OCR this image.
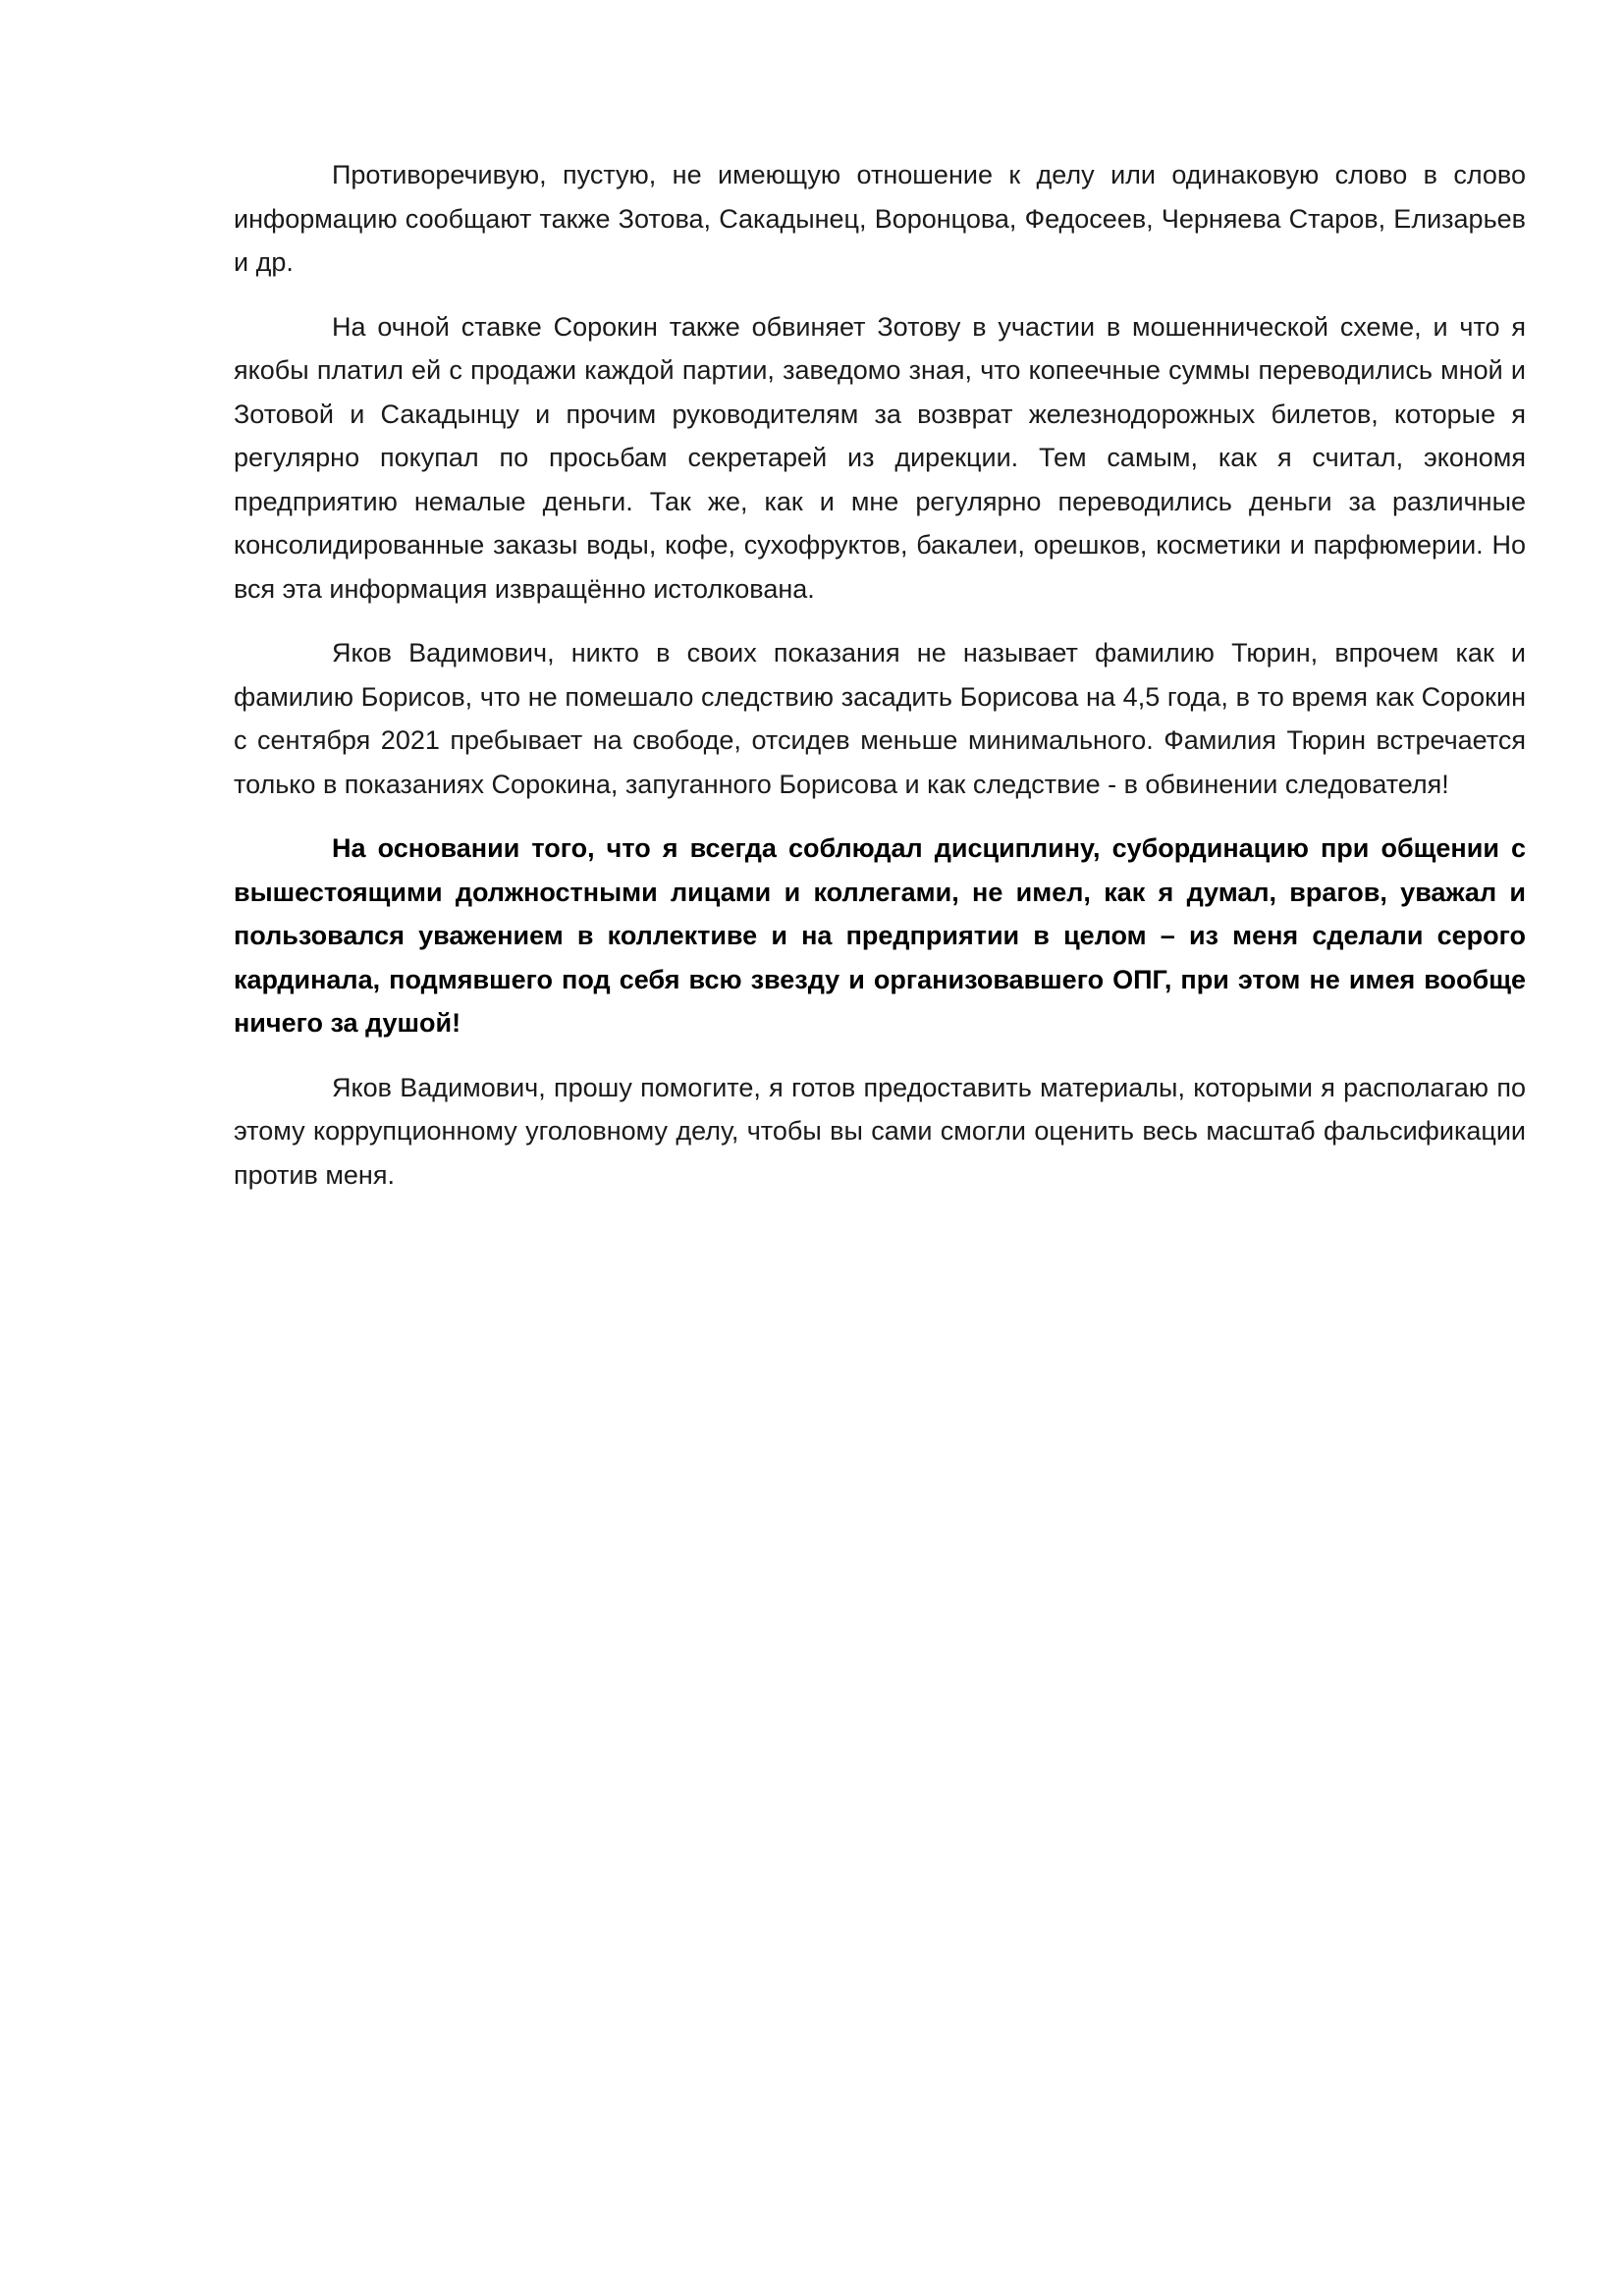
Противоречивую, пустую, не имеющую отношение к делу или одинаковую слово в слово информацию сообщают также Зотова, Сакадынец, Воронцова, Федосеев, Черняева Старов, Елизарьев и др.

На очной ставке Сорокин также обвиняет Зотову в участии в мошеннической схеме, и что я якобы платил ей с продажи каждой партии, заведомо зная, что копеечные суммы переводились мной и Зотовой и Сакадынцу и прочим руководителям за возврат железнодорожных билетов, которые я регулярно покупал по просьбам секретарей из дирекции. Тем самым, как я считал, экономя предприятию немалые деньги. Так же, как и мне регулярно переводились деньги за различные консолидированные заказы воды, кофе, сухофруктов, бакалеи, орешков, косметики и парфюмерии. Но вся эта информация извращённо истолкована.

Яков Вадимович, никто в своих показания не называет фамилию Тюрин, впрочем как и фамилию Борисов, что не помешало следствию засадить Борисова на 4,5 года, в то время как Сорокин с сентября 2021 пребывает на свободе, отсидев меньше минимального. Фамилия Тюрин встречается только в показаниях Сорокина, запуганного Борисова и как следствие - в обвинении следователя!

На основании того, что я всегда соблюдал дисциплину, субординацию при общении с вышестоящими должностными лицами и коллегами, не имел, как я думал, врагов, уважал и пользовался уважением в коллективе и на предприятии в целом – из меня сделали серого кардинала, подмявшего под себя всю звезду и организовавшего ОПГ, при этом не имея вообще ничего за душой!

Яков Вадимович, прошу помогите, я готов предоставить материалы, которыми я располагаю по этому коррупционному уголовному делу, чтобы вы сами смогли оценить весь масштаб фальсификации против меня.
